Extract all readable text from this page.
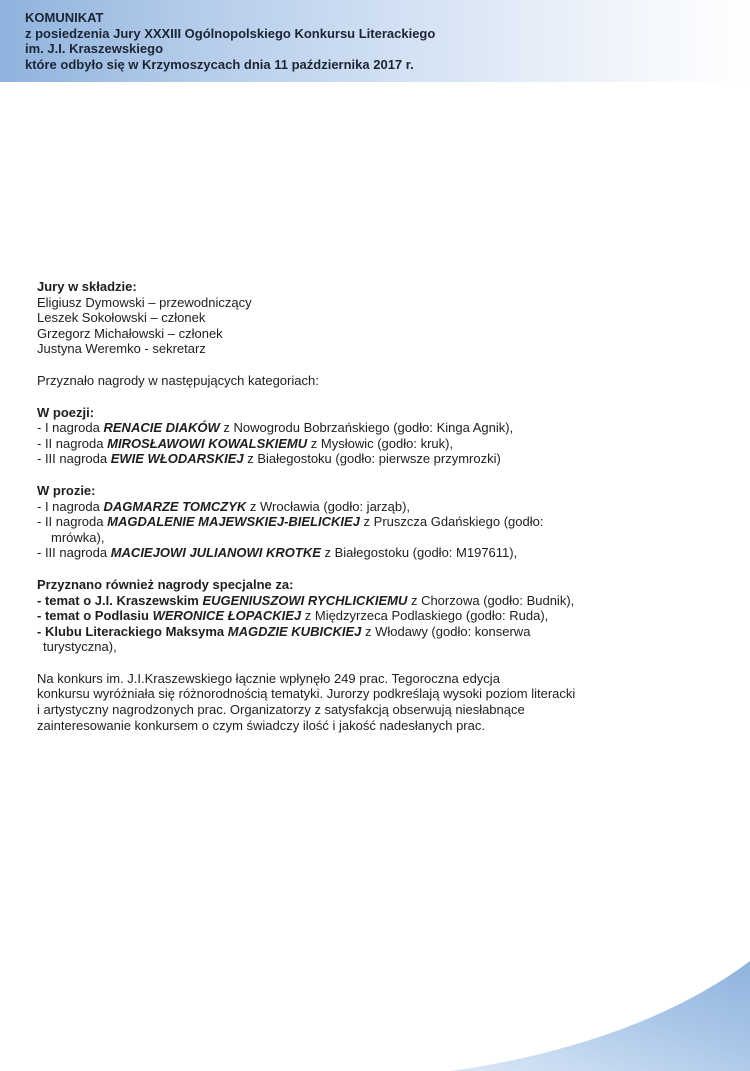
KOMUNIKAT
z posiedzenia Jury XXXIII Ogólnopolskiego Konkursu Literackiego
im. J.I. Kraszewskiego
które odbyło się w Krzymoszycach dnia 11 października 2017 r.
Jury w składzie:
Eligiusz Dymowski – przewodniczący
Leszek Sokołowski – członek
Grzegorz Michałowski – członek
Justyna Weremko - sekretarz
Przyznało nagrody w następujących kategoriach:
W poezji:
- I nagroda RENACIE DIAKÓW z Nowogrodu Bobrzańskiego (godło: Kinga Agnik),
- II nagroda MIROSŁAWOWI KOWALSKIEMU z Mysłowic (godło: kruk),
- III nagroda EWIE WŁODARSKIEJ z Białegostoku (godło: pierwsze przymrozki)
W prozie:
- I nagroda DAGMARZE TOMCZYK z Wrocławia (godło: jarząb),
- II nagroda MAGDALENIE MAJEWSKIEJ-BIELICKIEJ z Pruszcza Gdańskiego (godło:
mrówka),
- III nagroda MACIEJOWI JULIANOWI KROTKE z Białegostoku (godło: M197611),
Przyznano również nagrody specjalne za:
- temat o J.I. Kraszewskim EUGENIUSZOWI RYCHLICKIEMU z Chorzowa (godło: Budnik),
- temat o Podlasiu WERONICE ŁOPACKIEJ z Międzyrzeca Podlaskiego (godło: Ruda),
- Klubu Literackiego Maksyma MAGDZIE KUBICKIEJ z Włodawy (godło: konserwa
turystyczna),
Na konkurs im. J.I.Kraszewskiego łącznie wpłynęło 249 prac. Tegoroczna edycja
konkursu wyróżniała się różnorodnością tematyki. Jurorzy podkreślają wysoki poziom literacki
i artystyczny nagrodzonych prac. Organizatorzy z satysfakcją obserwują niesłabnące
zainteresowanie konkursem o czym świadczy ilość i jakość nadesłanych prac.
